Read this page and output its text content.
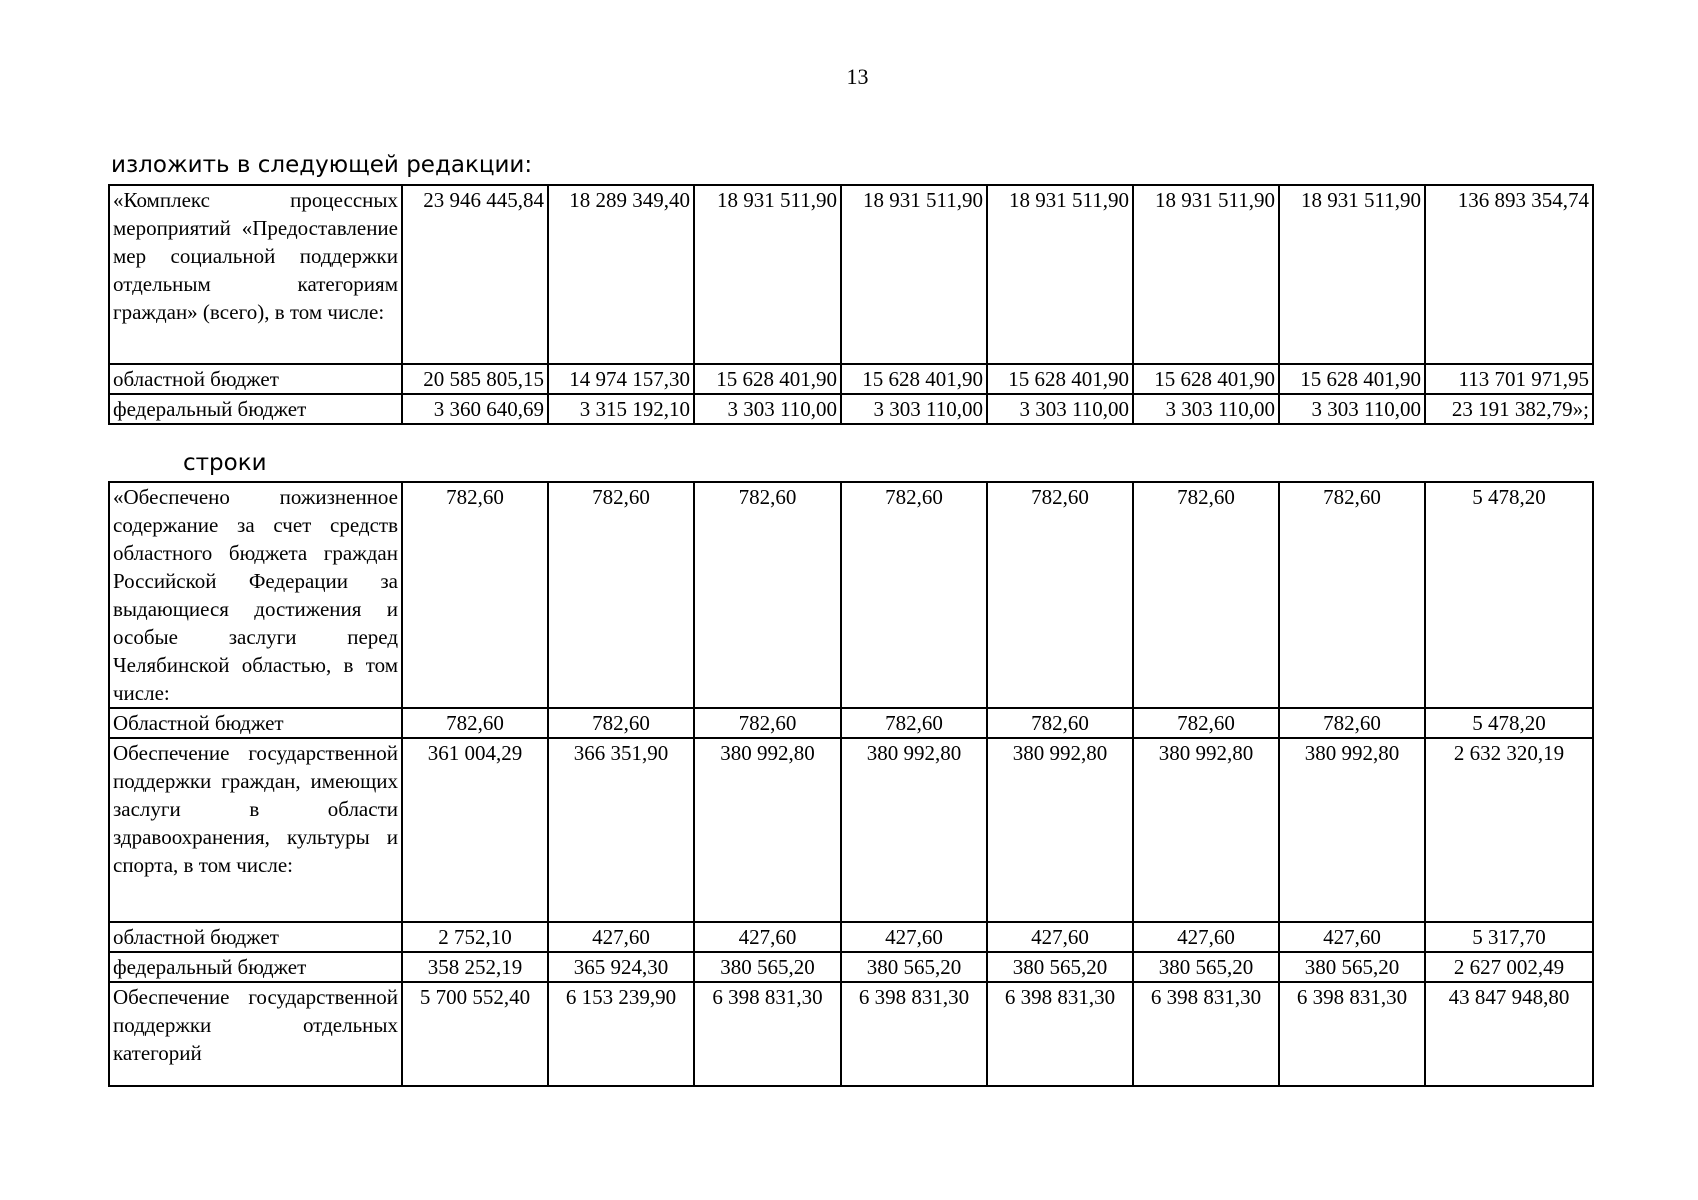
13
изложить в следующей редакции:
«Комплекс процессных мероприятий «Предоставление мер социальной поддержки отдельным категориям граждан» (всего), в том числе:	23 946 445,84	18 289 349,40	18 931 511,90	18 931 511,90	18 931 511,90	18 931 511,90	18 931 511,90	136 893 354,74
областной бюджет	20 585 805,15	14 974 157,30	15 628 401,90	15 628 401,90	15 628 401,90	15 628 401,90	15 628 401,90	113 701 971,95
федеральный бюджет	3 360 640,69	3 315 192,10	3 303 110,00	3 303 110,00	3 303 110,00	3 303 110,00	3 303 110,00	23 191 382,79»;
строки
«Обеспечено пожизненное содержание за счет средств областного бюджета граждан Российской Федерации за выдающиеся достижения и особые заслуги перед Челябинской областью, в том числе:	782,60	782,60	782,60	782,60	782,60	782,60	782,60	5 478,20
Областной бюджет	782,60	782,60	782,60	782,60	782,60	782,60	782,60	5 478,20
Обеспечение государственной поддержки граждан, имеющих заслуги в области здравоохранения, культуры и спорта, в том числе:	361 004,29	366 351,90	380 992,80	380 992,80	380 992,80	380 992,80	380 992,80	2 632 320,19
областной бюджет	2 752,10	427,60	427,60	427,60	427,60	427,60	427,60	5 317,70
федеральный бюджет	358 252,19	365 924,30	380 565,20	380 565,20	380 565,20	380 565,20	380 565,20	2 627 002,49
Обеспечение государственной поддержки отдельных категорий	5 700 552,40	6 153 239,90	6 398 831,30	6 398 831,30	6 398 831,30	6 398 831,30	6 398 831,30	43 847 948,80
